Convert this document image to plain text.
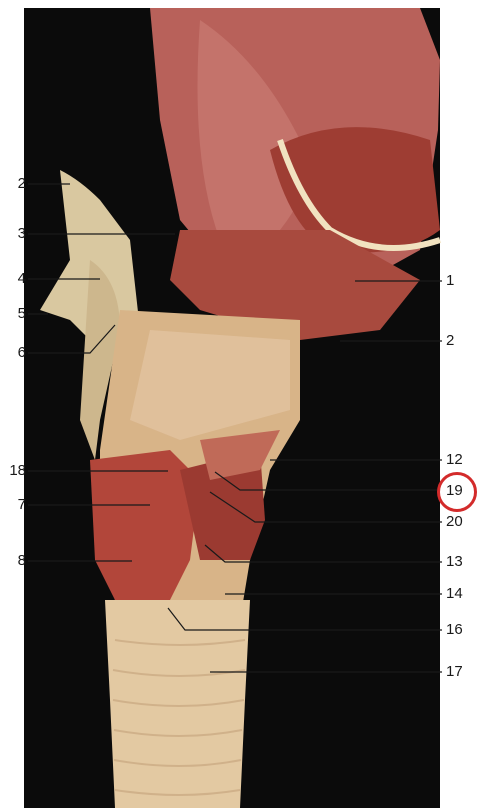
2
3
4
5
6
18
7
8
1
2
12
19
20
13
14
16
17
